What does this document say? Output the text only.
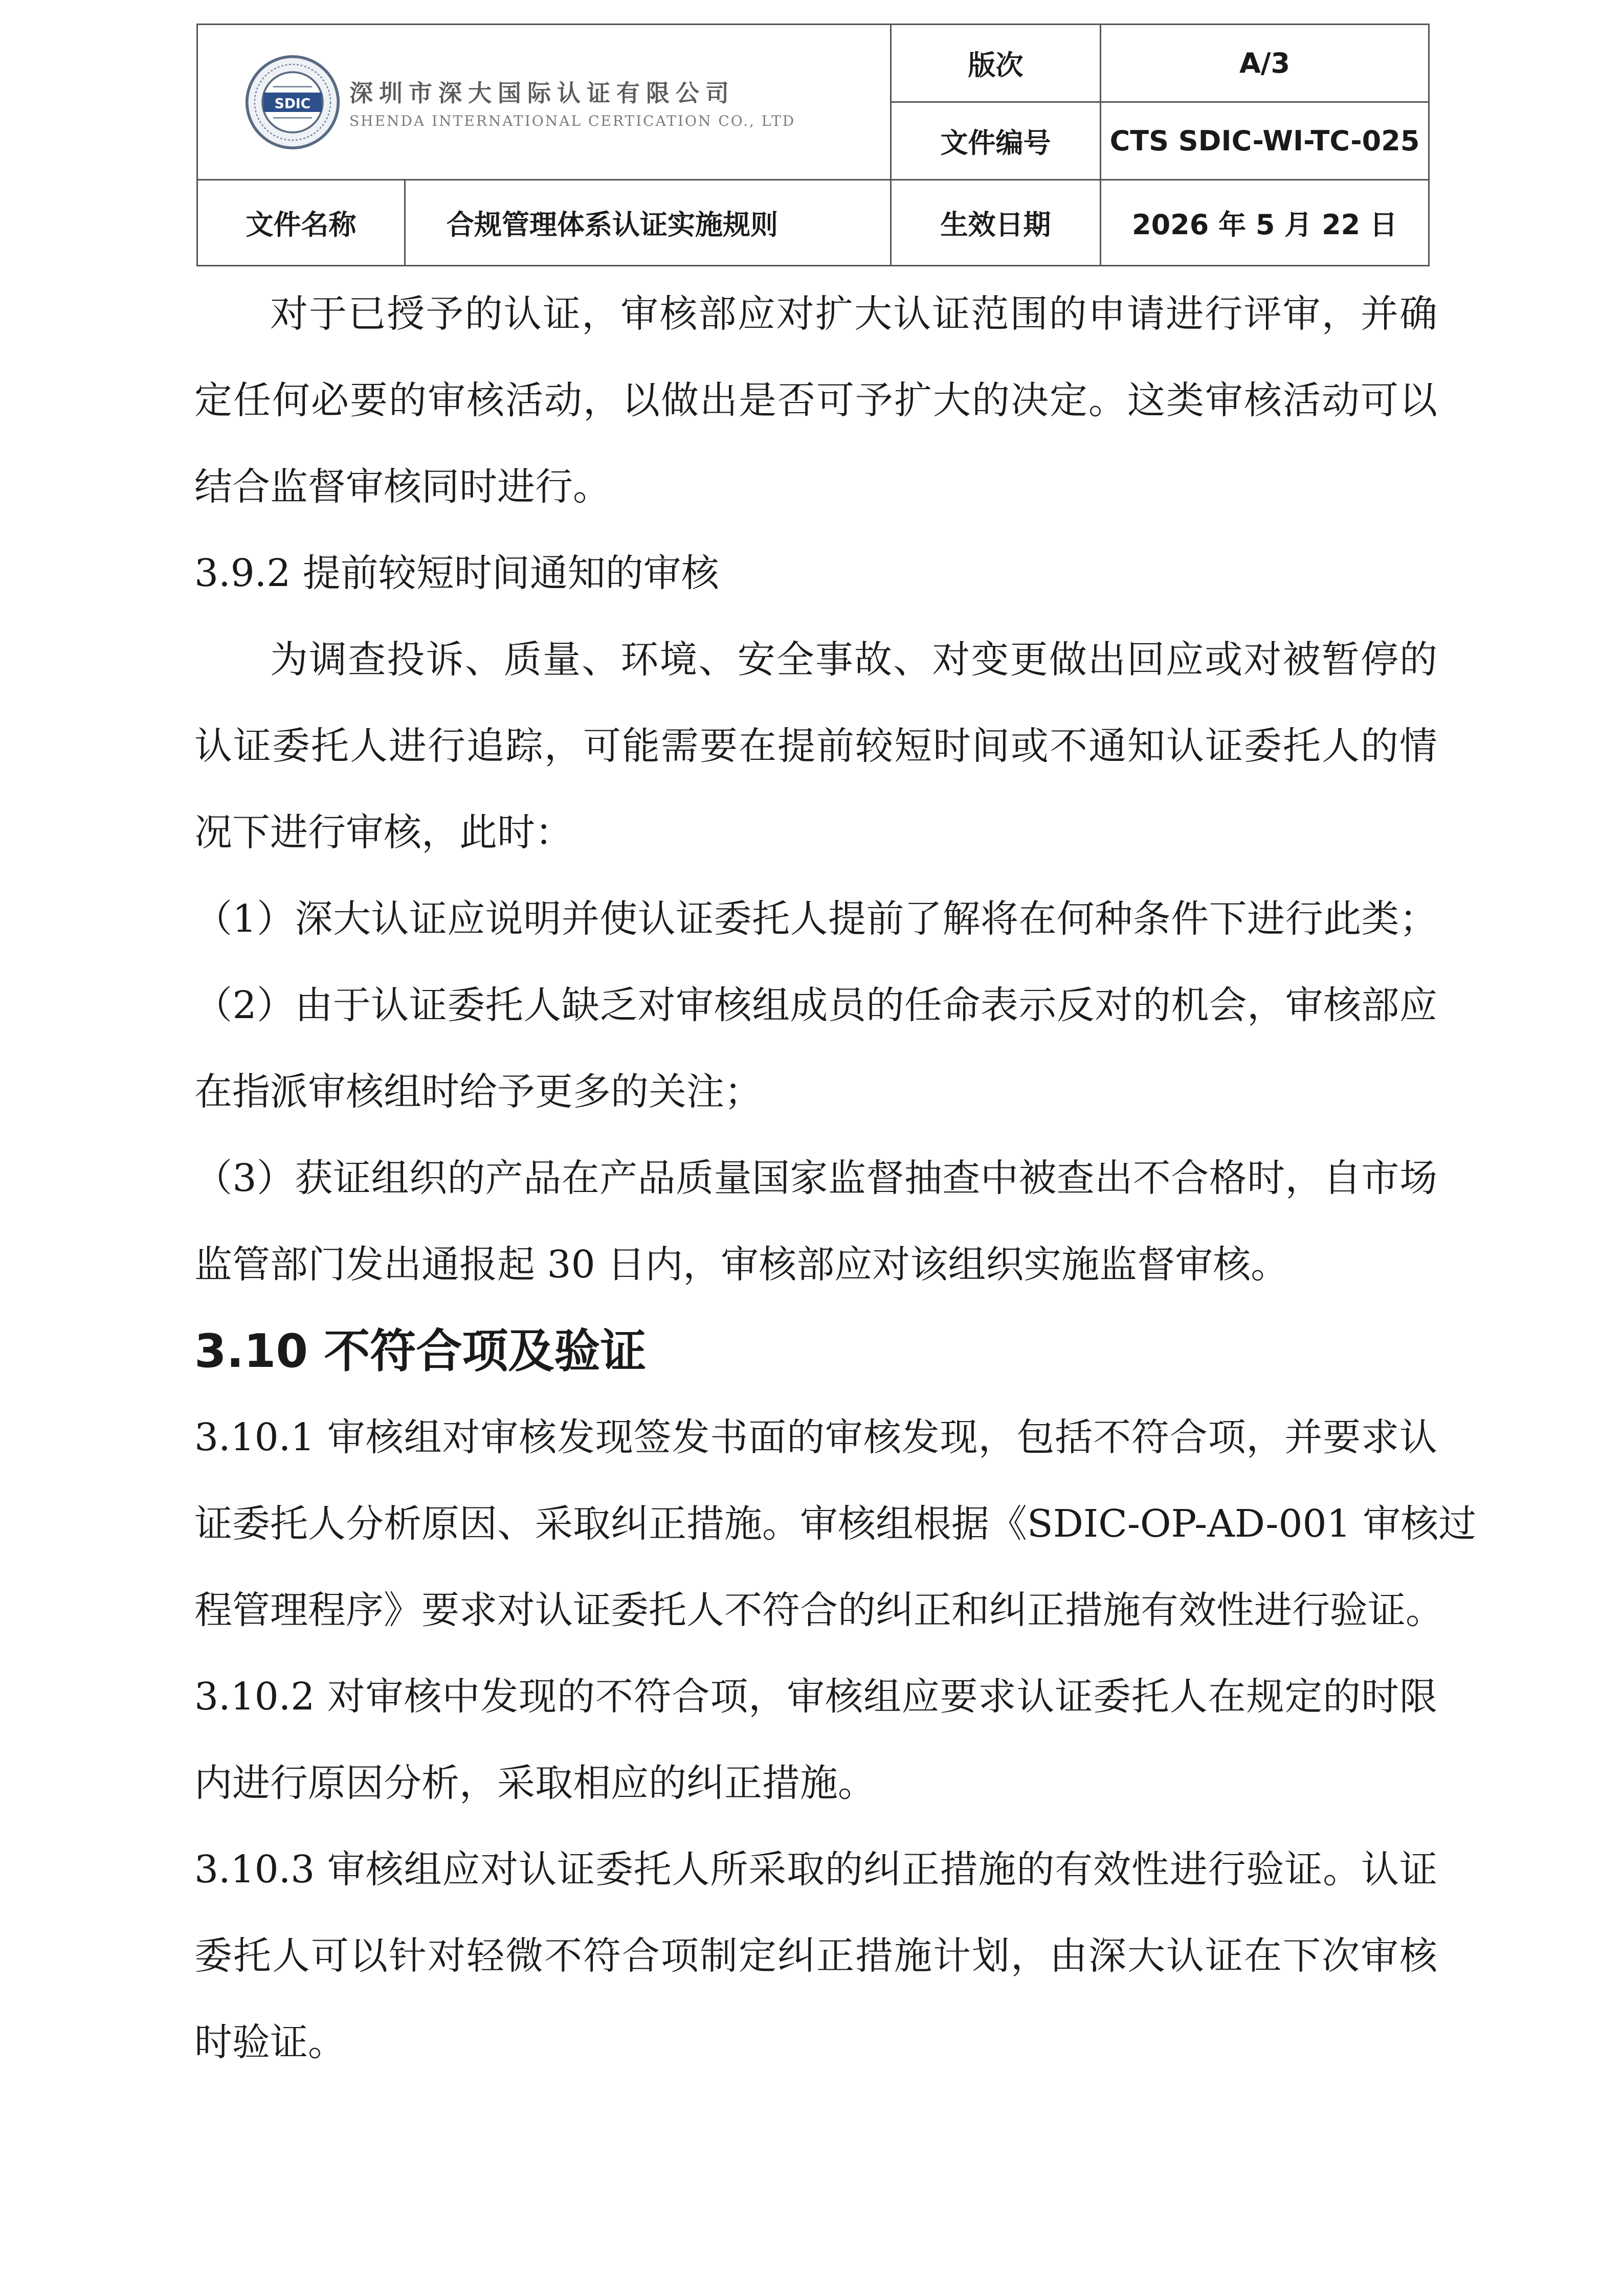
SDIC 深圳市深大国际认证有限公司
SHENDA INTERNATIONAL CERTICATION CO., LTD		版次	A/3
		文件编号	CTS SDIC-WI-TC-025
文件名称	合规管理体系认证实施规则	生效日期	2026 年 5 月 22 日
对于已授予的认证，审核部应对扩大认证范围的申请进行评审，并确
定任何必要的审核活动，以做出是否可予扩大的决定。这类审核活动可以
结合监督审核同时进行。
3.9.2 提前较短时间通知的审核
为调查投诉、质量、环境、安全事故、对变更做出回应或对被暂停的
认证委托人进行追踪，可能需要在提前较短时间或不通知认证委托人的情
况下进行审核，此时：
（1）深大认证应说明并使认证委托人提前了解将在何种条件下进行此类；
（2）由于认证委托人缺乏对审核组成员的任命表示反对的机会，审核部应
在指派审核组时给予更多的关注；
（3）获证组织的产品在产品质量国家监督抽查中被查出不合格时，自市场
监管部门发出通报起 30 日内，审核部应对该组织实施监督审核。
3.10 不符合项及验证
3.10.1 审核组对审核发现签发书面的审核发现，包括不符合项，并要求认
证委托人分析原因、采取纠正措施。审核组根据《SDIC-OP-AD-001 审核过
程管理程序》要求对认证委托人不符合的纠正和纠正措施有效性进行验证。
3.10.2 对审核中发现的不符合项，审核组应要求认证委托人在规定的时限
内进行原因分析，采取相应的纠正措施。
3.10.3 审核组应对认证委托人所采取的纠正措施的有效性进行验证。认证
委托人可以针对轻微不符合项制定纠正措施计划，由深大认证在下次审核
时验证。
